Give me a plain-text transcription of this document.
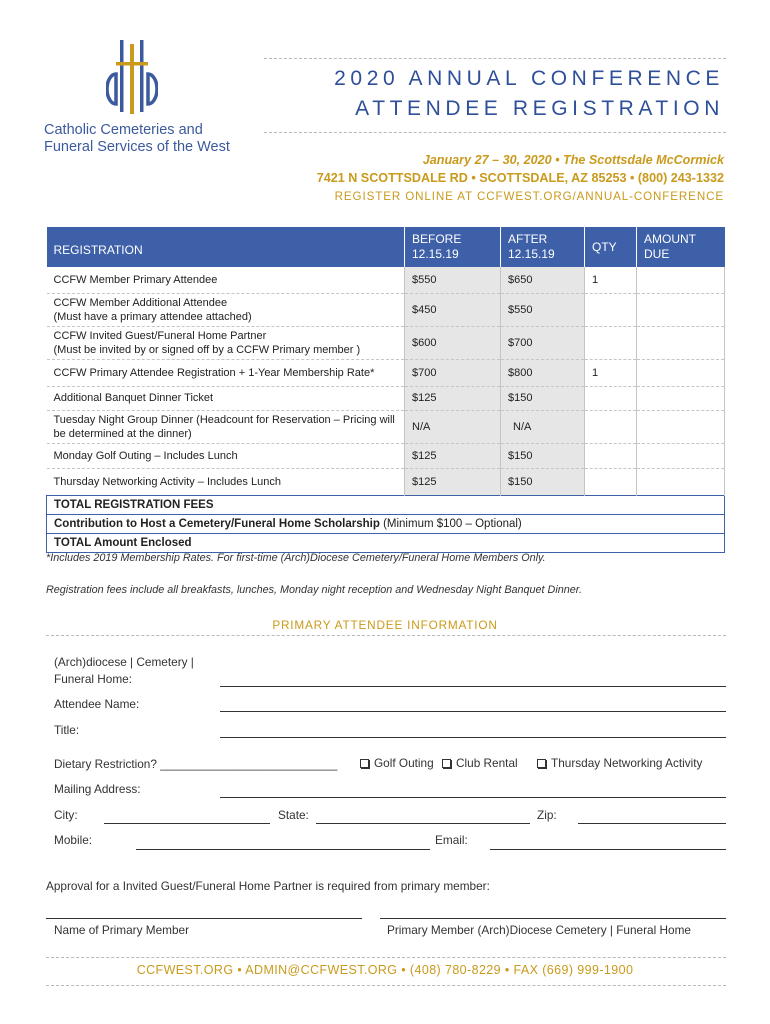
Catholic Cemeteries and
Funeral Services of the West
2020 ANNUAL CONFERENCE
ATTENDEE REGISTRATION
January 27 – 30, 2020 • The Scottsdale McCormick
7421 N SCOTTSDALE RD • SCOTTSDALE, AZ 85253 • (800) 243-1332
REGISTER ONLINE AT CCFWEST.ORG/ANNUAL-CONFERENCE
REGISTRATION	BEFORE 12.15.19	AFTER 12.15.19	QTY	AMOUNT DUE
CCFW Member Primary Attendee	$550	$650	1	
CCFW Member Additional Attendee
(Must have a primary attendee attached)	$450	$550		
CCFW Invited Guest/Funeral Home Partner
(Must be invited by or signed off by a CCFW Primary member )	$600	$700		
CCFW Primary Attendee Registration + 1-Year Membership Rate*	$700	$800	1	
Additional Banquet Dinner Ticket	$125	$150		
Tuesday Night Group Dinner (Headcount for Reservation – Pricing will be determined at the dinner)	N/A	N/A		
Monday Golf Outing – Includes Lunch	$125	$150		
Thursday Networking Activity – Includes Lunch	$125	$150		
TOTAL REGISTRATION FEES				
Contribution to Host a Cemetery/Funeral Home Scholarship (Minimum $100 – Optional)				
TOTAL Amount Enclosed				
*Includes 2019 Membership Rates. For first-time (Arch)Diocese Cemetery/Funeral Home Members Only.
Registration fees include all breakfasts, lunches, Monday night reception and Wednesday Night Banquet Dinner.
PRIMARY ATTENDEE INFORMATION
(Arch)diocese | Cemetery |
Funeral Home:
Attendee Name:
Title:
Dietary Restriction? ___________________________	Golf Outing	Club Rental	Thursday Networking Activity
Mailing Address:
City:	State:	Zip:
Mobile:	Email:
Approval for a Invited Guest/Funeral Home Partner is required from primary member:
Name of Primary Member	Primary Member (Arch)Diocese Cemetery | Funeral Home
CCFWEST.ORG • ADMIN@CCFWEST.ORG • (408) 780-8229 • FAX (669) 999-1900
